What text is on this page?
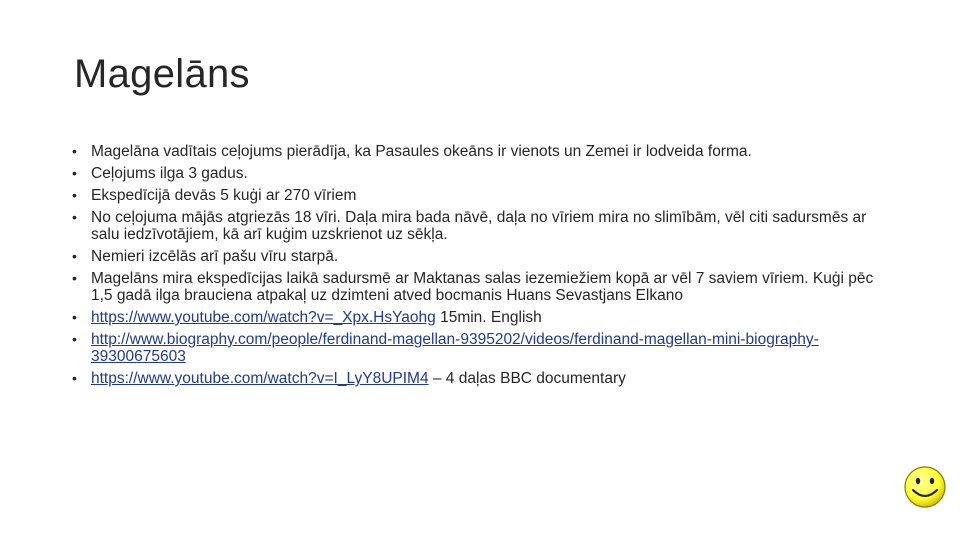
Magelāns
• Magelāna vadītais ceļojums pierādīja, ka Pasaules okeāns ir vienots un Zemei ir lodveida forma.
• Ceļojums ilga 3 gadus.
• Ekspedīcijā devās 5 kuģi ar 270 vīriem
• No ceļojuma mājās atgriezās 18 vīri. Daļa mira bada nāvē, daļa no vīriem mira no slimībām, vēl citi sadursmēs ar salu iedzīvotājiem, kā arī kuģim uzskrienot uz sēkļa.
• Nemieri izcēlās arī pašu vīru starpā.
• Magelāns mira ekspedīcijas laikā sadursmē ar Maktanas salas iezemiežiem kopā ar vēl 7 saviem vīriem. Kuģi pēc 1,5 gadā ilga brauciena atpakaļ uz dzimteni atved bocmanis Huans Sevastjans Elkano
• https://www.youtube.com/watch?v=_Xpx.HsYaohg 15min. English
• http://www.biography.com/people/ferdinand-magellan-9395202/videos/ferdinand-magellan-mini-biography-39300675603
• https://www.youtube.com/watch?v=I_LyY8UPIM4 – 4 daļas BBC documentary
